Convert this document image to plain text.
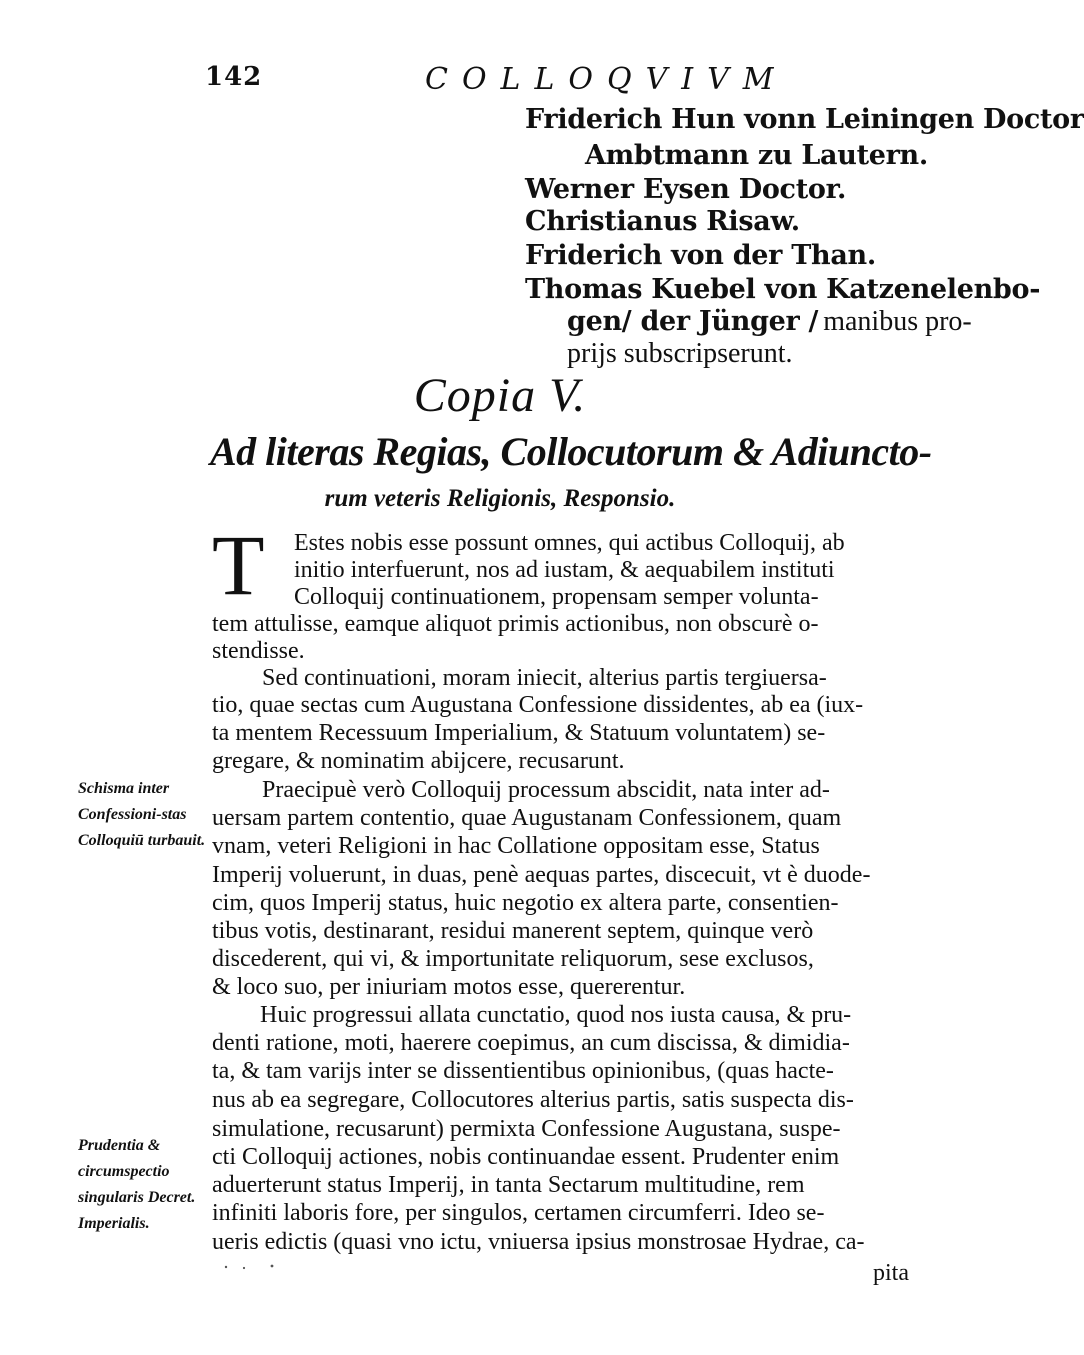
142	COLLOQVIVM
Friderich Hun vonn Leiningen Doctor
Ambtmann zu Lautern.
Werner Eysen Doctor.
Christianus Risaw.
Friderich von der Than.
Thomas Kuebel von Katzenelenbo-
gen/ der Jünger / manibus pro-
prijs subscripserunt.
Copia V.
Ad literas Regias, Collocutorum & Adiuncto-
rum veteris Religionis, Responsio.
T Estes nobis esse possunt omnes, qui actibus Colloquij, ab
initio interfuerunt, nos ad iustam, & aequabilem instituti
Colloquij continuationem, propensam semper volunta-
tem attulisse, eamque aliquot primis actionibus, non obscurè o-
stendisse.
Sed continuationi, moram iniecit, alterius partis tergiuersa-
tio, quae sectas cum Augustana Confessione dissidentes, ab ea (iux-
ta mentem Recessuum Imperialium, & Statuum voluntatem) se-
gregare, & nominatim abijcere, recusarunt.
Praecipuè verò Colloquij processum abscidit, nata inter ad-
uersam partem contentio, quae Augustanam Confessionem, quam
vnam, veteri Religioni in hac Collatione oppositam esse, Status
Imperij voluerunt, in duas, penè aequas partes, discecuit, vt è duode-
cim, quos Imperij status, huic negotio ex altera parte, consentien-
tibus votis, destinarant, residui manerent septem, quinque verò
discederent, qui vi, & importunitate reliquorum, sese exclusos,
& loco suo, per iniuriam motos esse, quererentur.
Huic progressui allata cunctatio, quod nos iusta causa, & pru-
denti ratione, moti, haerere coepimus, an cum discissa, & dimidia-
ta, & tam varijs inter se dissentientibus opinionibus, (quas hacte-
nus ab ea segregare, Collocutores alterius partis, satis suspecta dis-
simulatione, recusarunt) permixta Confessione Augustana, suspe-
cti Colloquij actiones, nobis continuandae essent. Prudenter enim
aduerterunt status Imperij, in tanta Sectarum multitudine, rem
infiniti laboris fore, per singulos, certamen circumferri. Ideo se-
ueris edictis (quasi vno ictu, vniuersa ipsius monstrosae Hydrae, ca-
pita
Schisma inter Confessioni-stas Colloquiū turbauit.
Prudentia & circumspectio singularis Decret. Imperialis.
